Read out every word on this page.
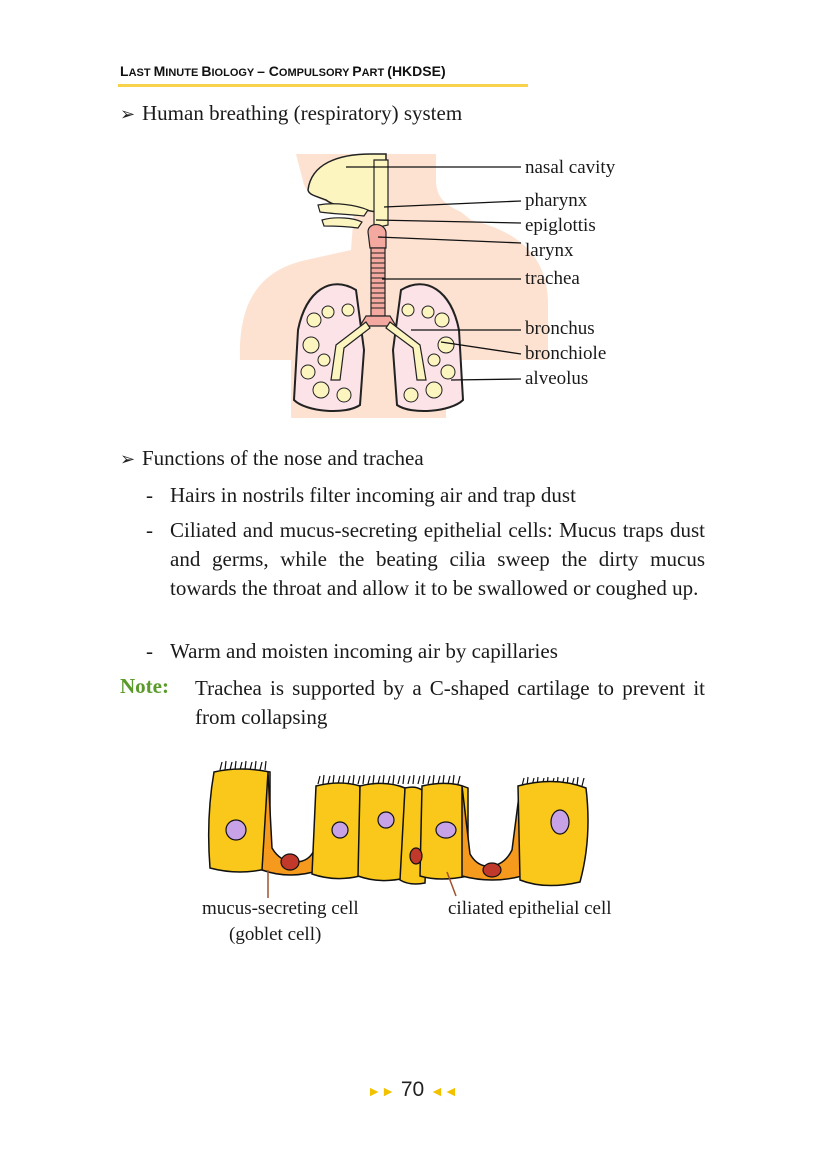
LAST MINUTE BIOLOGY – COMPULSORY PART (HKDSE)
➢ Human breathing (respiratory) system
nasal cavity
pharynx
epiglottis
larynx
trachea
bronchus
bronchiole
alveolus
➢ Functions of the nose and trachea
- Hairs in nostrils filter incoming air and trap dust
- Ciliated and mucus-secreting epithelial cells: Mucus traps dust and germs, while the beating cilia sweep the dirty mucus towards the throat and allow it to be swallowed or coughed up.
- Warm and moisten incoming air by capillaries
Note: Trachea is supported by a C-shaped cartilage to prevent it from collapsing
mucus-secreting cell
(goblet cell)
ciliated epithelial cell
►► 70 ◄◄
